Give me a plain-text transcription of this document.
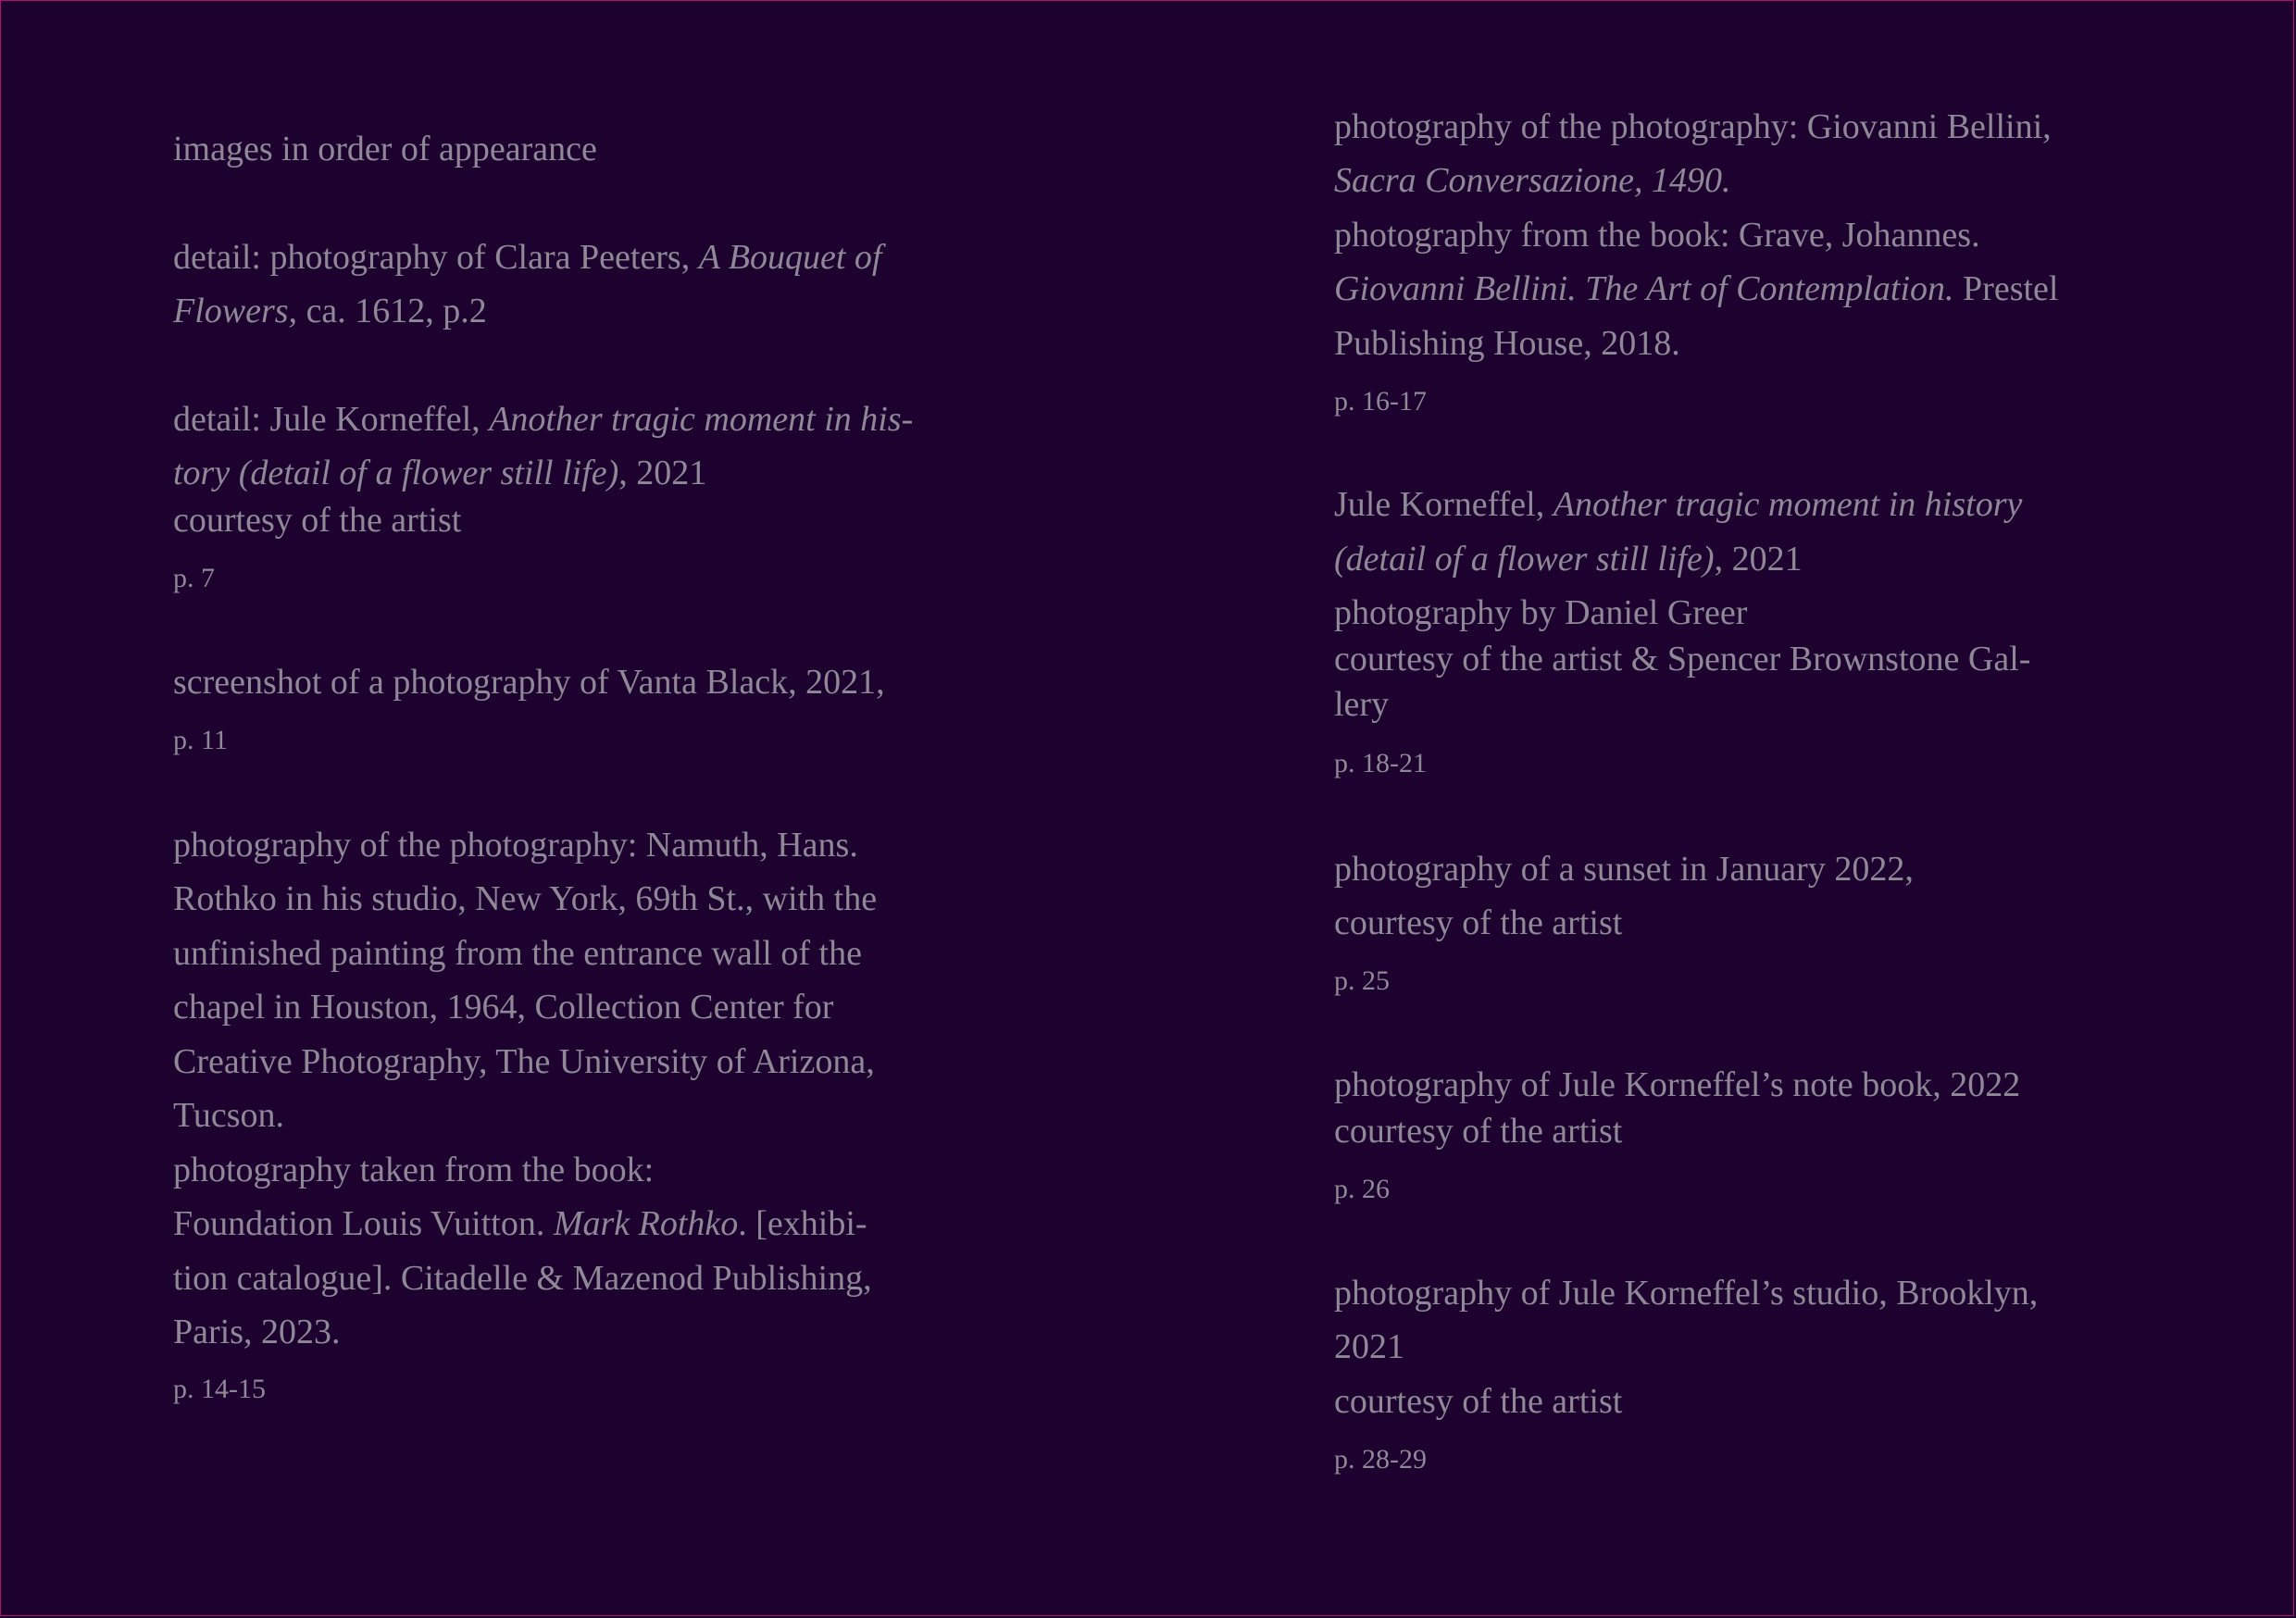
images in order of appearance
detail: photography of Clara Peeters, A Bouquet of
Flowers, ca. 1612, p.2
detail: Jule Korneffel, Another tragic moment in his-
tory (detail of a flower still life), 2021
courtesy of the artist
p. 7
screenshot of a photography of Vanta Black, 2021,
p. 11
photography of the photography: Namuth, Hans.
Rothko in his studio, New York, 69th St., with the
unfinished painting from the entrance wall of the
chapel in Houston, 1964, Collection Center for
Creative Photography, The University of Arizona,
Tucson.
photography taken from the book:
Foundation Louis Vuitton. Mark Rothko. [exhibi-
tion catalogue]. Citadelle & Mazenod Publishing,
Paris, 2023.
p. 14-15
photography of the photography: Giovanni Bellini,
Sacra Conversazione, 1490.
photography from the book: Grave, Johannes.
Giovanni Bellini. The Art of Contemplation. Prestel
Publishing House, 2018.
p. 16-17
Jule Korneffel, Another tragic moment in history
(detail of a flower still life), 2021
photography by Daniel Greer
courtesy of the artist & Spencer Brownstone Gal-
lery
p. 18-21
photography of a sunset in January 2022,
courtesy of the artist
p. 25
photography of Jule Korneffel’s note book, 2022
courtesy of the artist
p. 26
photography of Jule Korneffel’s studio, Brooklyn,
2021
courtesy of the artist
p. 28-29
